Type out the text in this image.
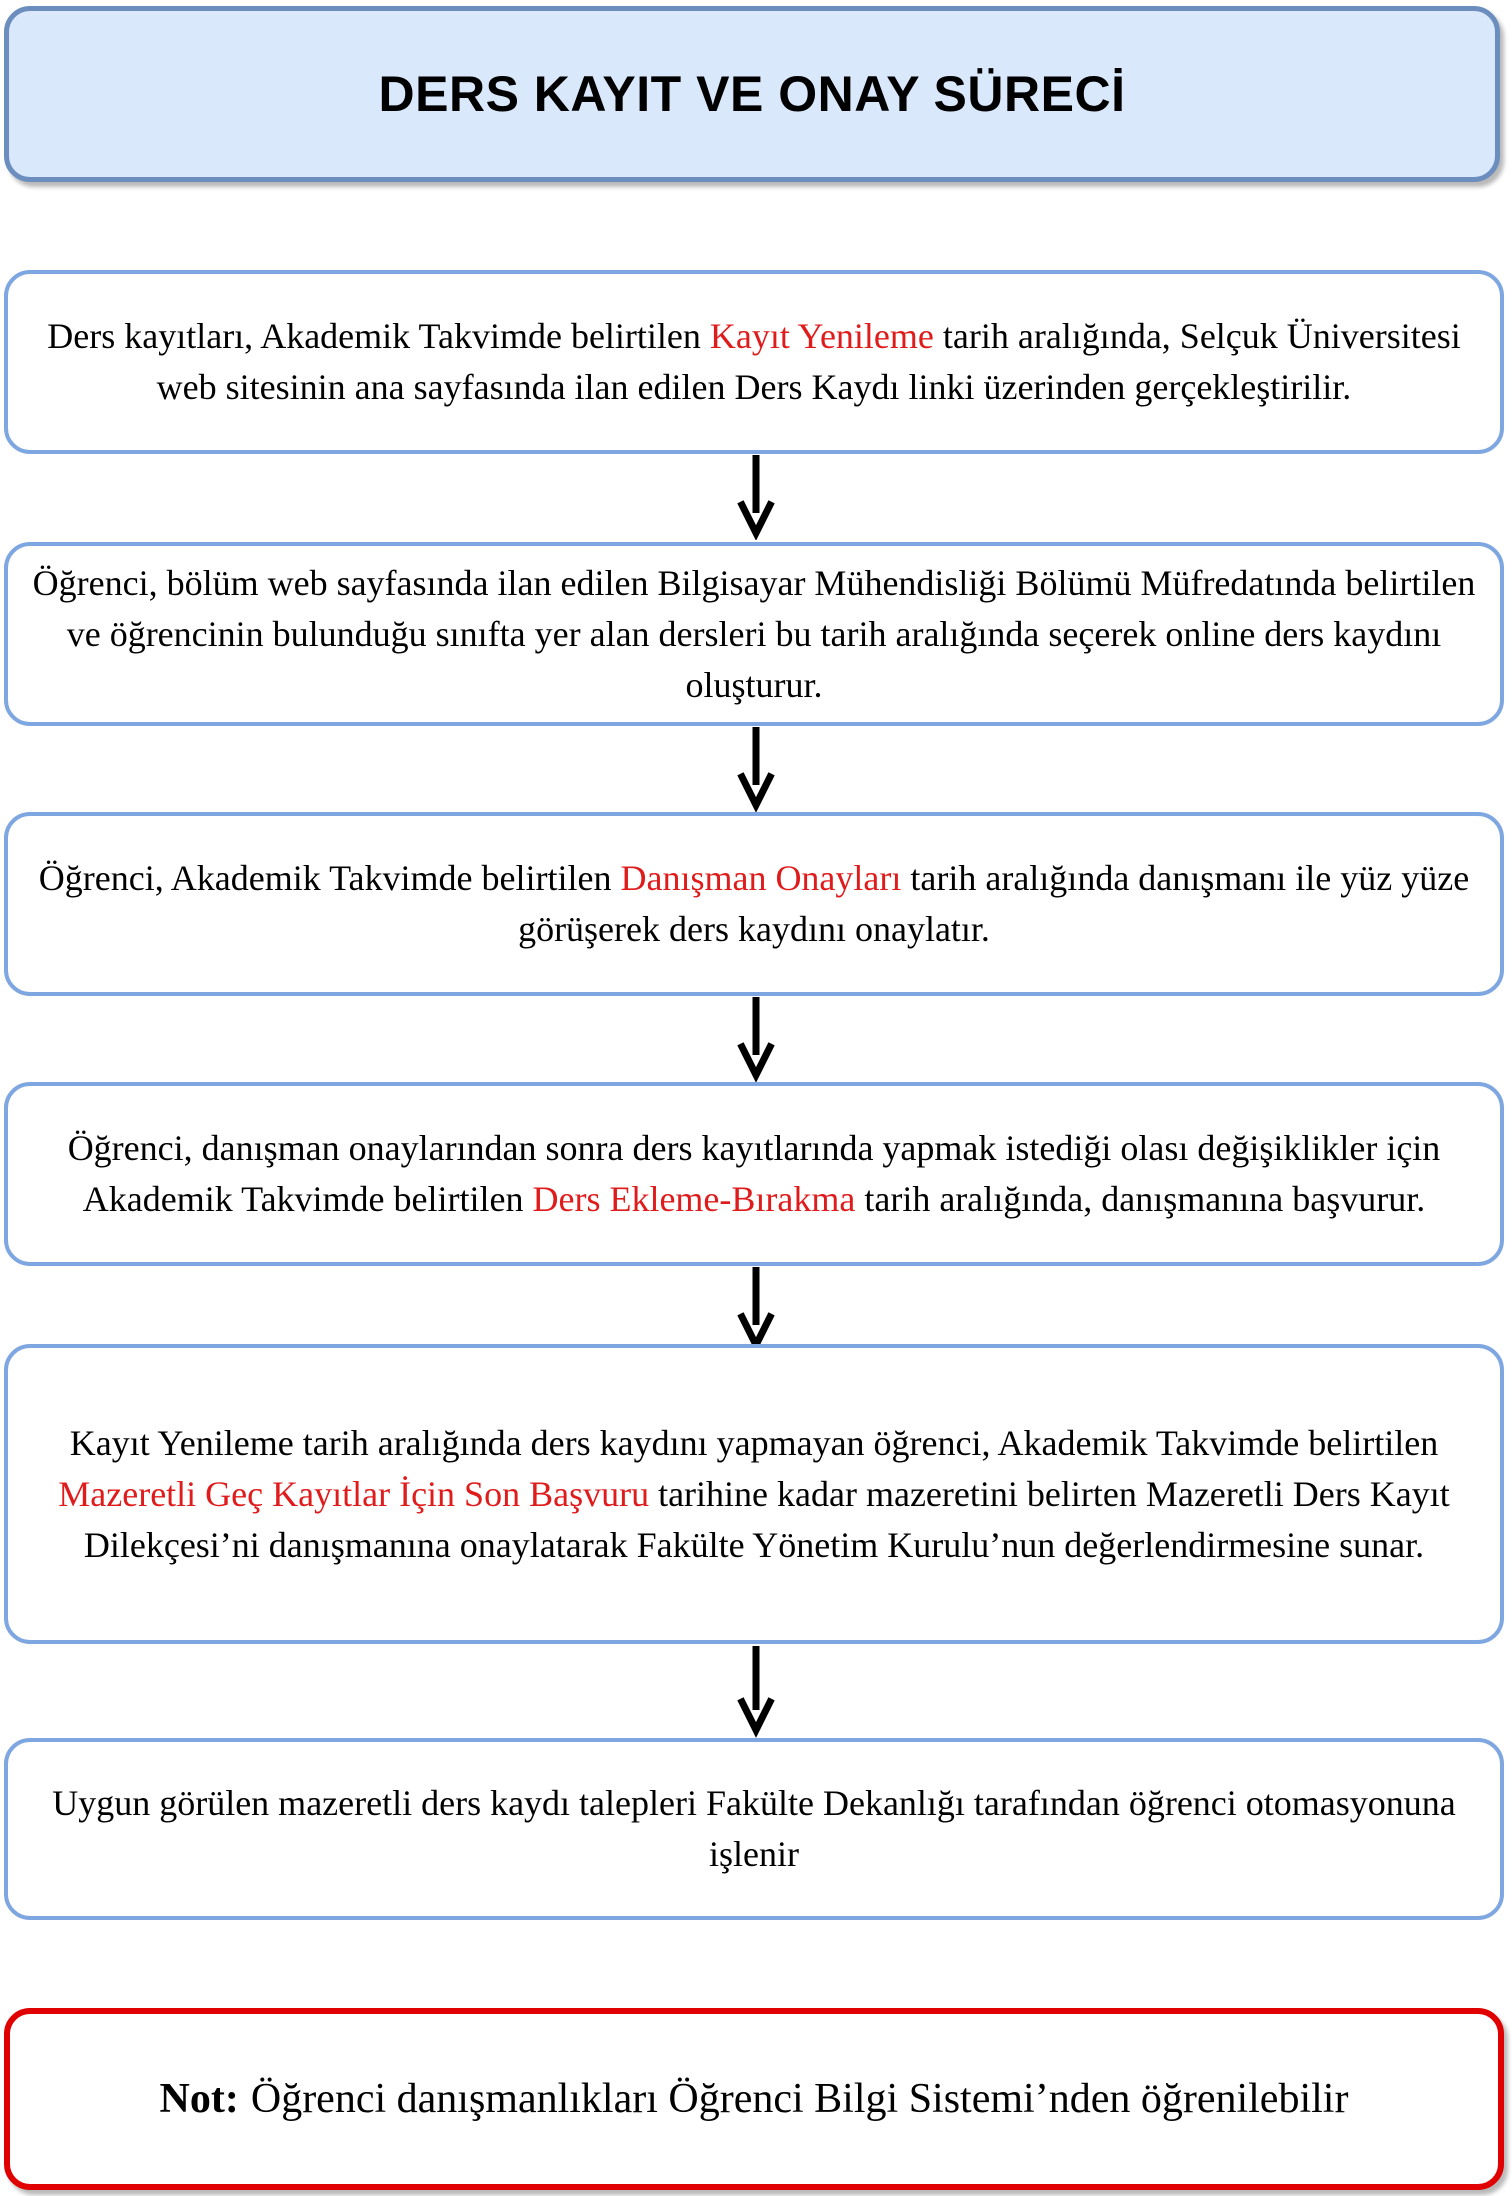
DERS KAYIT VE ONAY SÜRECİ
Ders kayıtları, Akademik Takvimde belirtilen Kayıt Yenileme tarih aralığında, Selçuk Üniversitesi web sitesinin ana sayfasında ilan edilen Ders Kaydı linki üzerinden gerçekleştirilir.
Öğrenci, bölüm web sayfasında ilan edilen Bilgisayar Mühendisliği Bölümü Müfredatında belirtilen ve öğrencinin bulunduğu sınıfta yer alan dersleri bu tarih aralığında seçerek online ders kaydını oluşturur.
Öğrenci, Akademik Takvimde belirtilen Danışman Onayları tarih aralığında danışmanı ile yüz yüze görüşerek ders kaydını onaylatır.
Öğrenci, danışman onaylarından sonra ders kayıtlarında yapmak istediği olası değişiklikler için Akademik Takvimde belirtilen Ders Ekleme-Bırakma tarih aralığında, danışmanına başvurur.
Kayıt Yenileme tarih aralığında ders kaydını yapmayan öğrenci, Akademik Takvimde belirtilen Mazeretli Geç Kayıtlar İçin Son Başvuru tarihine kadar mazeretini belirten Mazeretli Ders Kayıt Dilekçesi’ni danışmanına onaylatarak Fakülte Yönetim Kurulu’nun değerlendirmesine sunar.
Uygun görülen mazeretli ders kaydı talepleri Fakülte Dekanlığı tarafından öğrenci otomasyonuna işlenir
Not: Öğrenci danışmanlıkları Öğrenci Bilgi Sistemi’nden öğrenilebilir
